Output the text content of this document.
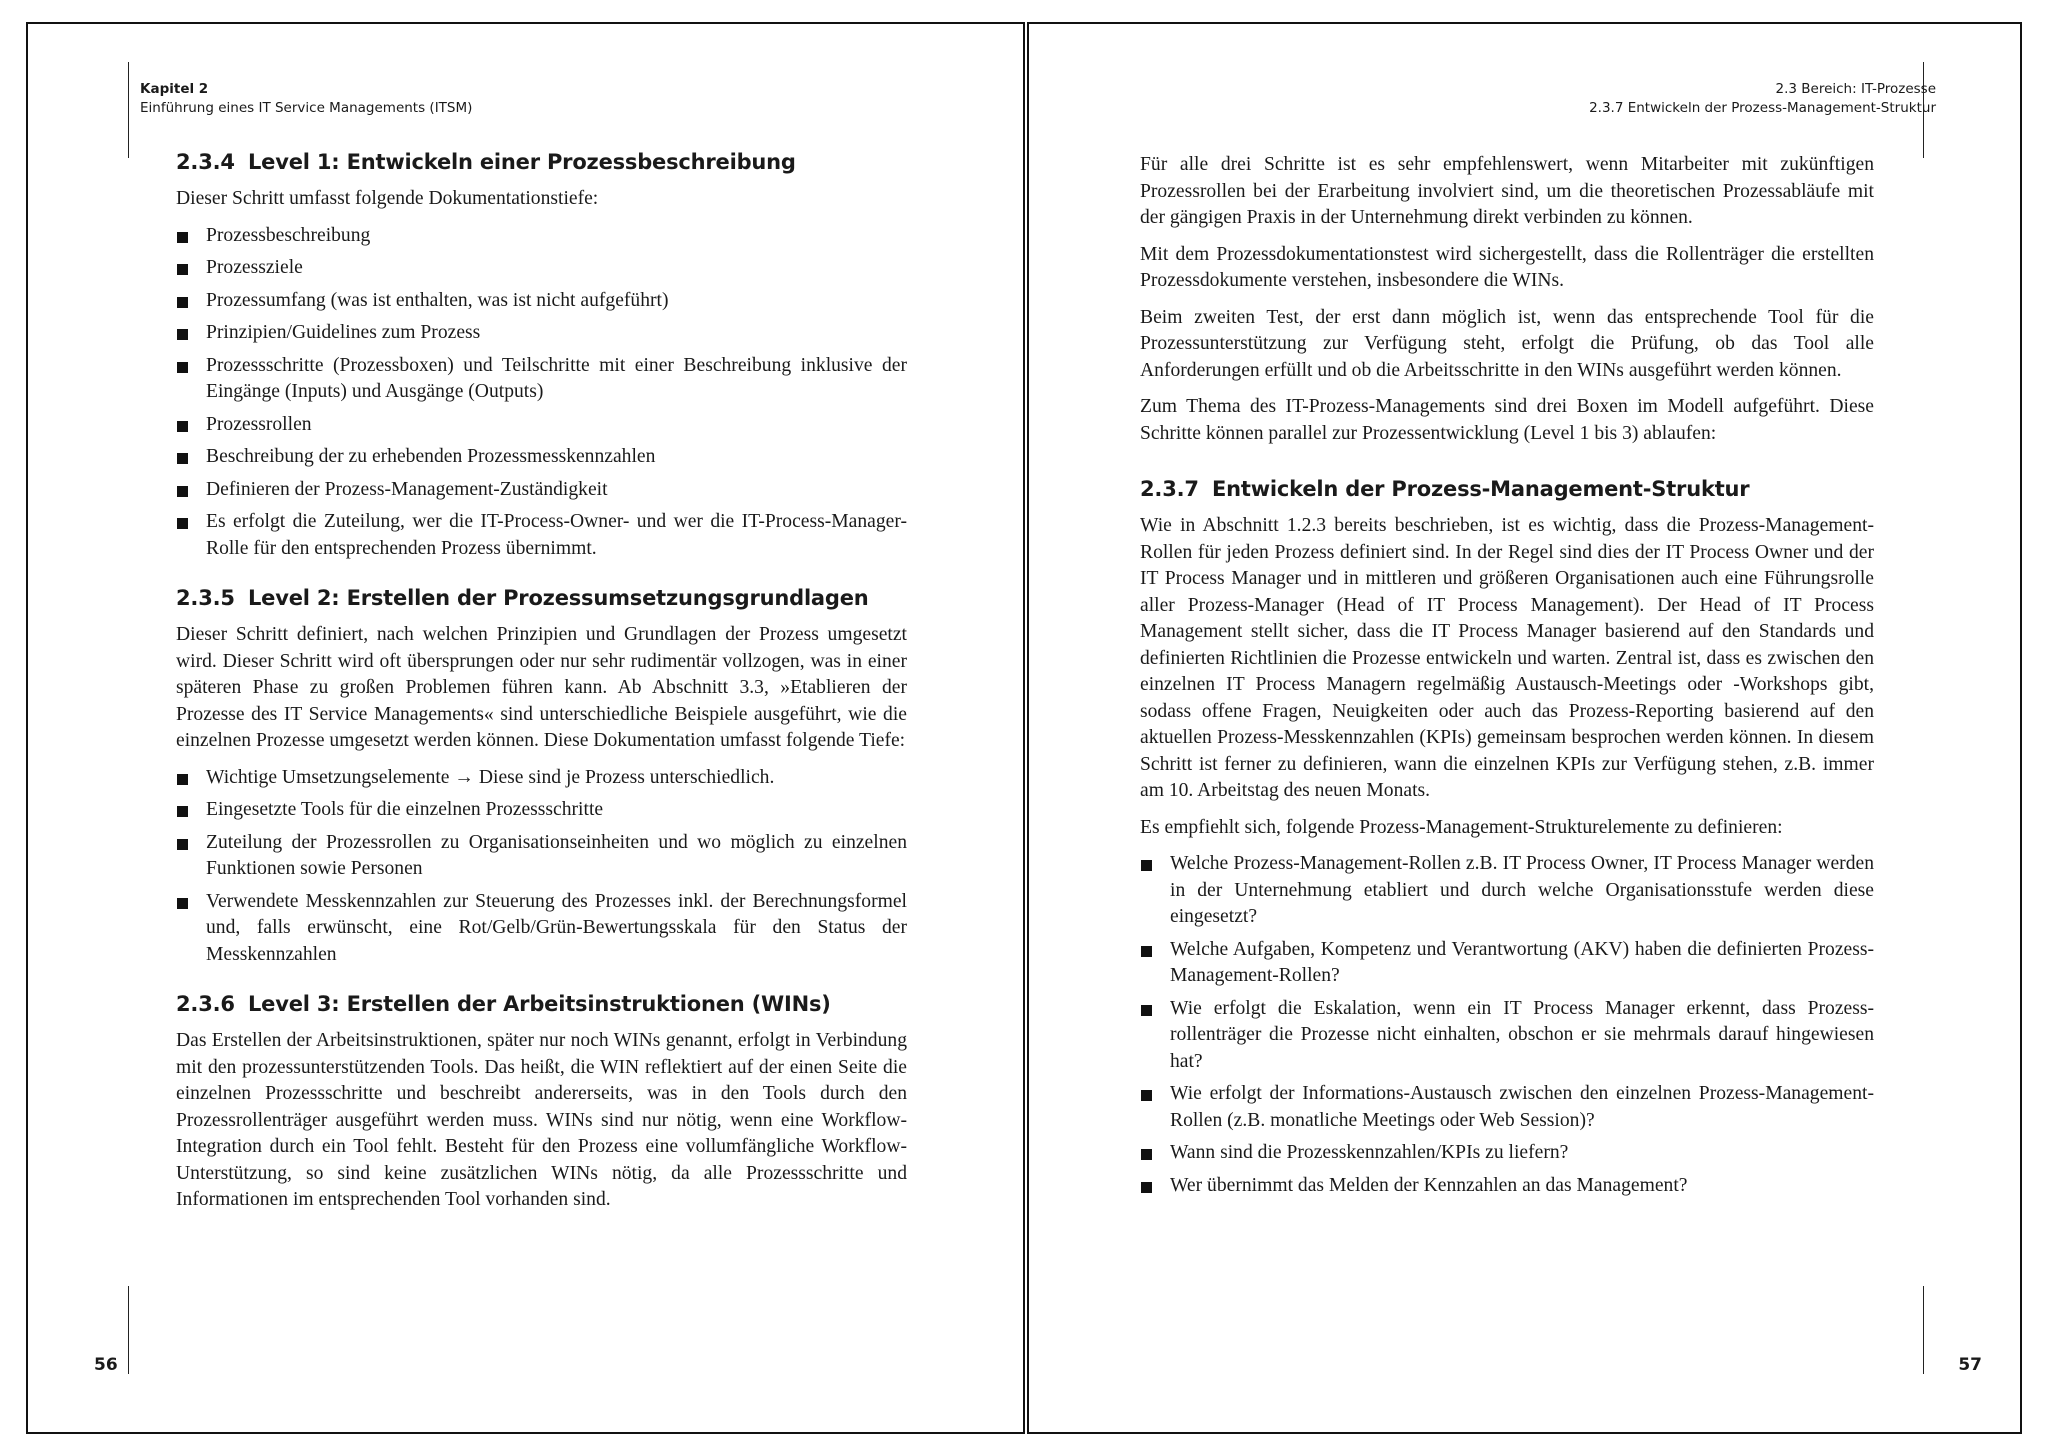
Kapitel 2
Einführung eines IT Service Managements (ITSM)
2.3.4 Level 1: Entwickeln einer Prozessbeschreibung

Dieser Schritt umfasst folgende Dokumentationstiefe:

Prozessbeschreibung
Prozessziele
Prozessumfang (was ist enthalten, was ist nicht aufgeführt)
Prinzipien/Guidelines zum Prozess
Prozessschritte (Prozessboxen) und Teilschritte mit einer Beschreibung inklusive der Eingänge (Inputs) und Ausgänge (Outputs)
Prozessrollen
Beschreibung der zu erhebenden Prozessmesskennzahlen
Definieren der Prozess-Management-Zuständigkeit
Es erfolgt die Zuteilung, wer die IT-Process-Owner- und wer die IT-Process-Manager-Rolle für den entsprechenden Prozess übernimmt.
2.3.5 Level 2: Erstellen der Prozessumsetzungsgrundlagen

Dieser Schritt definiert, nach welchen Prinzipien und Grundlagen der Prozess umgesetzt wird. Dieser Schritt wird oft übersprungen oder nur sehr rudimentär vollzogen, was in einer späteren Phase zu großen Problemen führen kann. Ab Abschnitt 3.3, »Etablieren der Prozesse des IT Service Managements« sind unterschiedliche Beispiele ausgeführt, wie die einzelnen Prozesse umgesetzt werden können. Diese Dokumentation umfasst folgende Tiefe:

Wichtige Umsetzungselemente → Diese sind je Prozess unterschiedlich.
Eingesetzte Tools für die einzelnen Prozessschritte
Zuteilung der Prozessrollen zu Organisationseinheiten und wo möglich zu einzelnen Funktionen sowie Personen
Verwendete Messkennzahlen zur Steuerung des Prozesses inkl. der Berechnungsformel und, falls erwünscht, eine Rot/Gelb/Grün-Bewertungsskala für den Status der Messkennzahlen
2.3.6 Level 3: Erstellen der Arbeitsinstruktionen (WINs)

Das Erstellen der Arbeitsinstruktionen, später nur noch WINs genannt, erfolgt in Verbindung mit den prozessunterstützenden Tools. Das heißt, die WIN reflektiert auf der einen Seite die einzelnen Prozessschritte und beschreibt andererseits, was in den Tools durch den Prozessrollenträger ausgeführt werden muss. WINs sind nur nötig, wenn eine Workflow-Integration durch ein Tool fehlt. Besteht für den Prozess eine vollumfängliche Workflow-Unterstützung, so sind keine zusätzlichen WINs nötig, da alle Prozessschritte und Informationen im entsprechenden Tool vorhanden sind.

56
2.3 Bereich: IT-Prozesse
2.3.7 Entwickeln der Prozess-Management-Struktur

Für alle drei Schritte ist es sehr empfehlenswert, wenn Mitarbeiter mit zukünftigen Prozessrollen bei der Erarbeitung involviert sind, um die theoretischen Prozessabläufe mit der gängigen Praxis in der Unternehmung direkt verbinden zu können.

Mit dem Prozessdokumentationstest wird sichergestellt, dass die Rollenträger die erstellten Prozessdokumente verstehen, insbesondere die WINs.

Beim zweiten Test, der erst dann möglich ist, wenn das entsprechende Tool für die Prozessunterstützung zur Verfügung steht, erfolgt die Prüfung, ob das Tool alle Anforderungen erfüllt und ob die Arbeitsschritte in den WINs ausgeführt werden können.

Zum Thema des IT-Prozess-Managements sind drei Boxen im Modell aufgeführt. Diese Schritte können parallel zur Prozessentwicklung (Level 1 bis 3) ablaufen:

2.3.7 Entwickeln der Prozess-Management-Struktur

Wie in Abschnitt 1.2.3 bereits beschrieben, ist es wichtig, dass die Prozess-Management-Rollen für jeden Prozess definiert sind. In der Regel sind dies der IT Process Owner und der IT Process Manager und in mittleren und größeren Organisationen auch eine Führungsrolle aller Prozess-Manager (Head of IT Process Management). Der Head of IT Process Management stellt sicher, dass die IT Process Manager basierend auf den Standards und definierten Richtlinien die Prozesse entwickeln und warten. Zentral ist, dass es zwischen den einzelnen IT Process Managern regelmäßig Austausch-Meetings oder -Workshops gibt, sodass offene Fragen, Neuigkeiten oder auch das Prozess-Reporting basierend auf den aktuellen Prozess-Messkennzahlen (KPIs) gemeinsam besprochen werden können. In diesem Schritt ist ferner zu definieren, wann die einzelnen KPIs zur Verfügung stehen, z.B. immer am 10. Arbeitstag des neuen Monats.

Es empfiehlt sich, folgende Prozess-Management-Strukturelemente zu definieren:

Welche Prozess-Management-Rollen z.B. IT Process Owner, IT Process Manager werden in der Unternehmung etabliert und durch welche Organisationsstufe werden diese eingesetzt?
Welche Aufgaben, Kompetenz und Verantwortung (AKV) haben die definierten Prozess-Management-Rollen?
Wie erfolgt die Eskalation, wenn ein IT Process Manager erkennt, dass Prozessrollenträger die Prozesse nicht einhalten, obschon er sie mehrmals darauf hingewiesen hat?
Wie erfolgt der Informations-Austausch zwischen den einzelnen Prozess-Management-Rollen (z.B. monatliche Meetings oder Web Session)?
Wann sind die Prozesskennzahlen/KPIs zu liefern?
Wer übernimmt das Melden der Kennzahlen an das Management?
57
